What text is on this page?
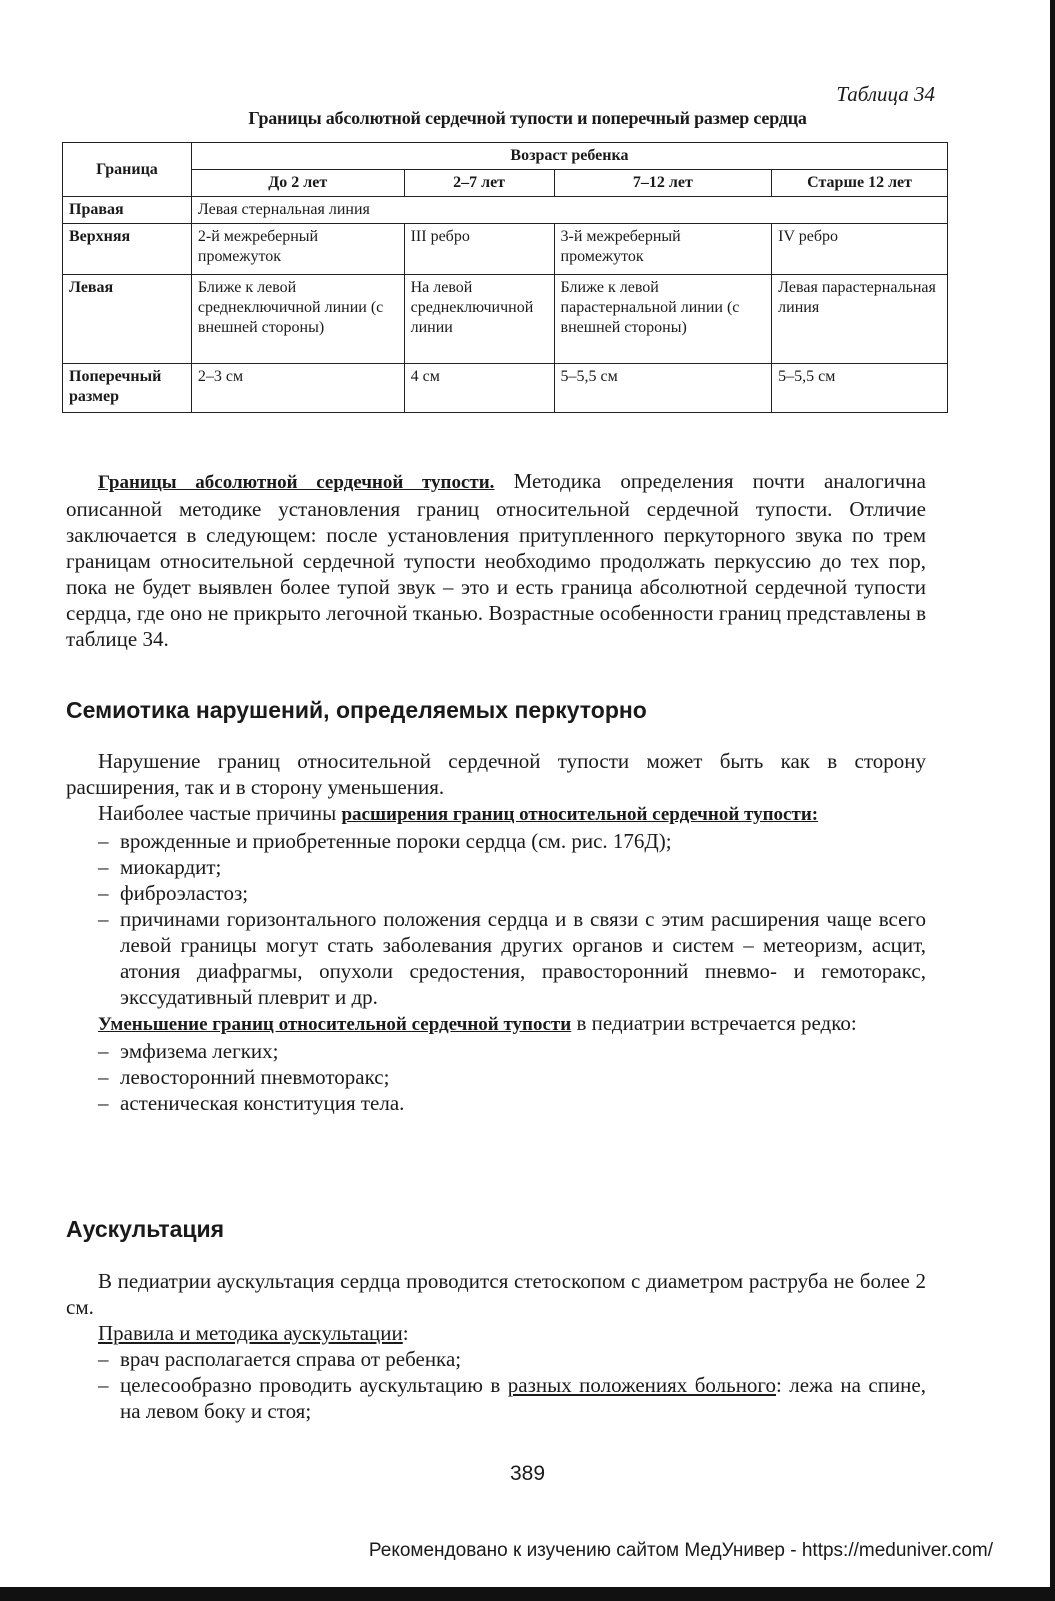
Таблица 34
Границы абсолютной сердечной тупости и поперечный размер сердца
Граница	Возраст ребенка			
	До 2 лет	2–7 лет	7–12 лет	Старше 12 лет
Правая	Левая стернальная линия			
Верхняя	2-й межреберный промежуток	III ребро	3-й межреберный промежуток	IV ребро
Левая	Ближе к левой среднеключичной линии (с внешней стороны)	На левой среднеключичной линии	Ближе к левой парастернальной линии (с внешней стороны)	Левая парастернальная линия
Поперечный размер	2–3 см	4 см	5–5,5 см	5–5,5 см

Границы абсолютной сердечной тупости. Методика определения почти аналогична описанной методике установления границ относительной сердечной тупости. Отличие заключается в следующем: после установления притупленного перкуторного звука по трем границам относительной сердечной тупости необходимо продолжать перкуссию до тех пор, пока не будет выявлен более тупой звук – это и есть граница абсолютной сердечной тупости сердца, где оно не прикрыто легочной тканью. Возрастные особенности границ представлены в таблице 34.

Семиотика нарушений, определяемых перкуторно

Нарушение границ относительной сердечной тупости может быть как в сторону расширения, так и в сторону уменьшения.

Наиболее частые причины расширения границ относительной сердечной тупости:

– врожденные и приобретенные пороки сердца (см. рис. 176Д);
– миокардит;
– фиброэластоз;
– причинами горизонтального положения сердца и в связи с этим расширения чаще всего левой границы могут стать заболевания других органов и систем – метеоризм, асцит, атония диафрагмы, опухоли средостения, правосторонний пневмо- и гемоторакс, экссудативный плеврит и др.

Уменьшение границ относительной сердечной тупости в педиатрии встречается редко:

– эмфизема легких;
– левосторонний пневмоторакс;
– астеническая конституция тела.
Аускультация

В педиатрии аускультация сердца проводится стетоскопом с диаметром раструба не более 2 см.

Правила и методика аускультации:

– врач располагается справа от ребенка;
– целесообразно проводить аускультацию в разных положениях больного: лежа на спине, на левом боку и стоя;
389
Рекомендовано к изучению сайтом МедУнивер - https://meduniver.com/
